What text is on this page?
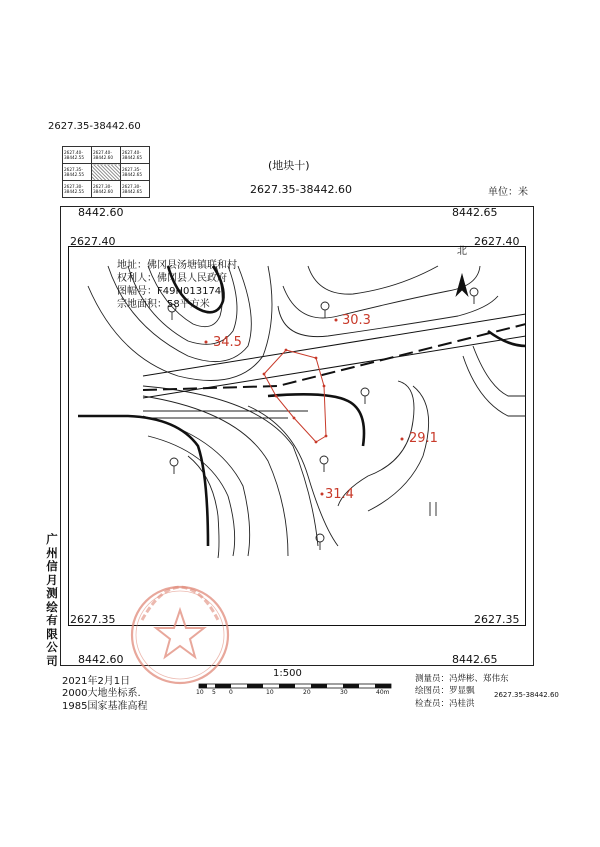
2627.35-38442.60
2627.40-38442.55	2627.40-38442.60	2627.40-38442.65
2627.35-38442.55		2627.35-38442.65
2627.30-38442.55	2627.30-38442.60	2627.30-38442.65
(地块十)
2627.35-38442.60	单位：米
8442.60	8442.65
2627.40	2627.40
2627.35	2627.35
8442.60	8442.65
地址：佛冈县汤塘镇联和村
权利人：佛冈县人民政府
图幅号：F49H013174
宗地面积：58平方米
34.5
30.3
29.1
31.4
北
广
州
信
月
测
绘
有
限
公
司
1:500
10 5 0	10	20	30	40m
2021年2月1日
2000大地坐标系.
1985国家基准高程
测量员：冯烨彬、郑伟东
绘图员：罗显飘	2627.35-38442.60
检查员：冯桂洪
